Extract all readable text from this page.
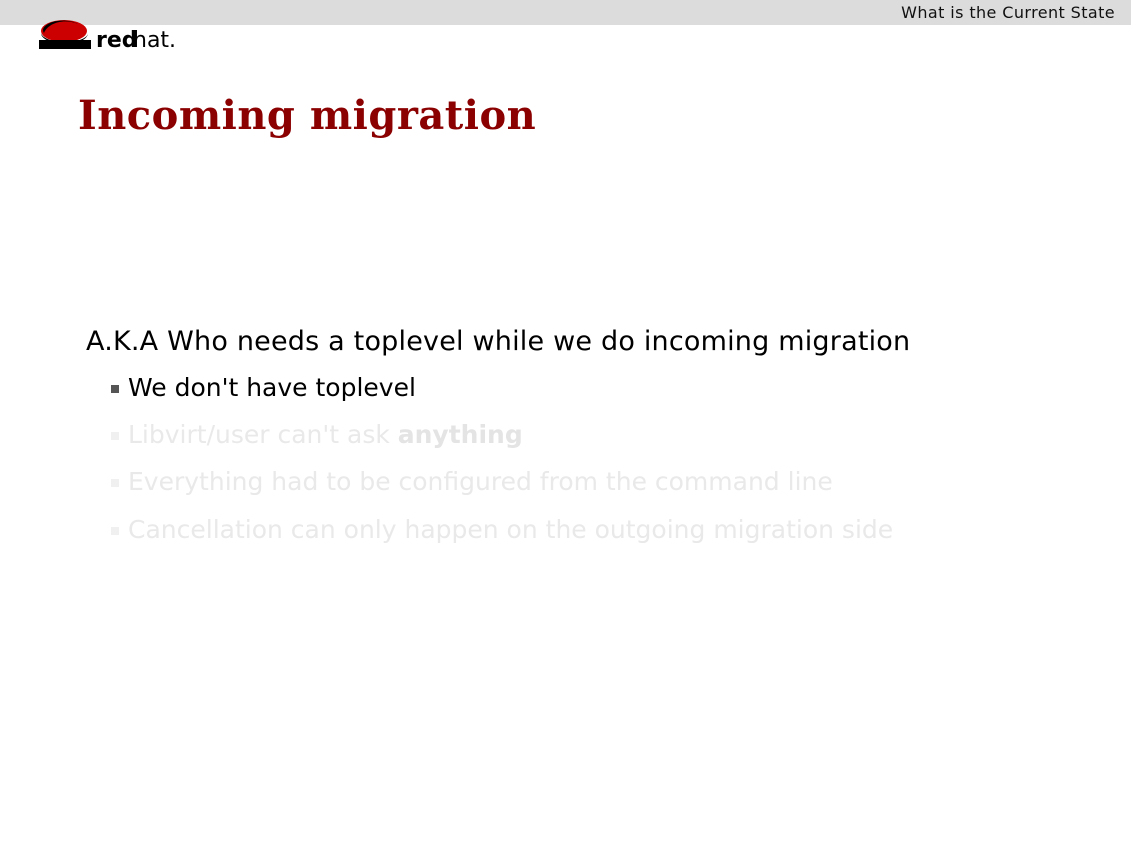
What is the Current State
red
hat.
Incoming migration
A.K.A Who needs a toplevel while we do incoming migration
We don't have toplevel
Libvirt/user can't ask anything
Everything had to be configured from the command line
Cancellation can only happen on the outgoing migration side
